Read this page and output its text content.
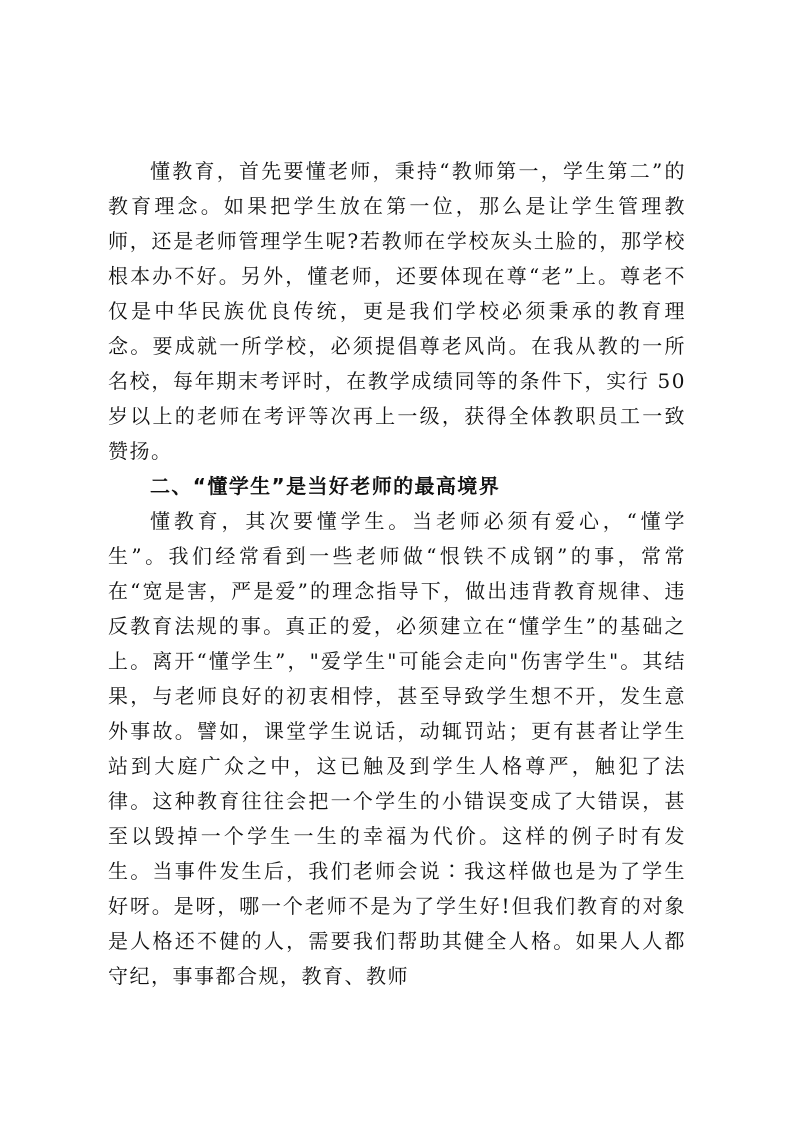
懂教育，首先要懂老师，秉持“教师第一，学生第二”的教育理念。如果把学生放在第一位，那么是让学生管理教师，还是老师管理学生呢?若教师在学校灰头土脸的，那学校根本办不好。另外，懂老师，还要体现在尊“老”上。尊老不仅是中华民族优良传统，更是我们学校必须秉承的教育理念。要成就一所学校，必须提倡尊老风尚。在我从教的一所名校，每年期末考评时，在教学成绩同等的条件下，实行 50 岁以上的老师在考评等次再上一级，获得全体教职员工一致赞扬。

二、“懂学生”是当好老师的最高境界

懂教育，其次要懂学生。当老师必须有爱心，“懂学生”。我们经常看到一些老师做“恨铁不成钢”的事，常常在“宽是害，严是爱”的理念指导下，做出违背教育规律、违反教育法规的事。真正的爱，必须建立在“懂学生”的基础之上。离开“懂学生”，"爱学生"可能会走向"伤害学生"。其结果，与老师良好的初衷相悖，甚至导致学生想不开，发生意外事故。譬如，课堂学生说话，动辄罚站；更有甚者让学生站到大庭广众之中，这已触及到学生人格尊严，触犯了法律。这种教育往往会把一个学生的小错误变成了大错误，甚至以毁掉一个学生一生的幸福为代价。这样的例子时有发生。当事件发生后，我们老师会说∶我这样做也是为了学生好呀。是呀，哪一个老师不是为了学生好!但我们教育的对象是人格还不健的人，需要我们帮助其健全人格。如果人人都守纪，事事都合规，教育、教师
